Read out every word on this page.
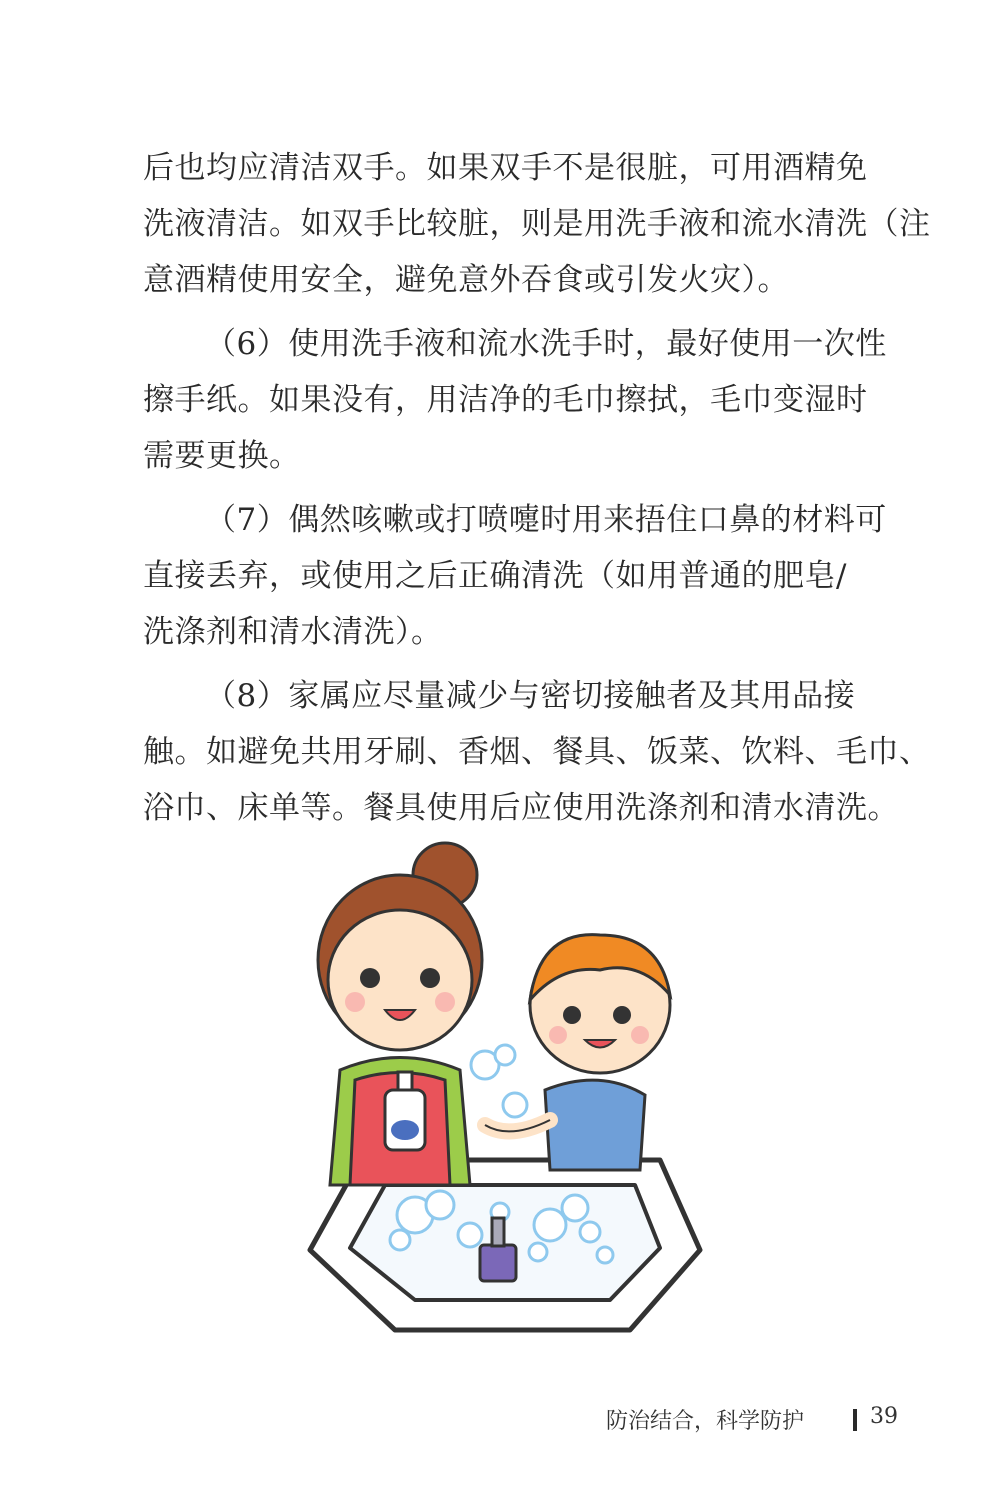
后也均应清洁双手。如果双手不是很脏，可用酒精免
洗液清洁。如双手比较脏，则是用洗手液和流水清洗（注
意酒精使用安全，避免意外吞食或引发火灾）。

（6）使用洗手液和流水洗手时，最好使用一次性
擦手纸。如果没有，用洁净的毛巾擦拭，毛巾变湿时
需要更换。

（7）偶然咳嗽或打喷嚏时用来捂住口鼻的材料可
直接丢弃，或使用之后正确清洗（如用普通的肥皂/
洗涤剂和清水清洗）。

（8）家属应尽量减少与密切接触者及其用品接
触。如避免共用牙刷、香烟、餐具、饭菜、饮料、毛巾、
浴巾、床单等。餐具使用后应使用洗涤剂和清水清洗。

防治结合，科学防护	39
